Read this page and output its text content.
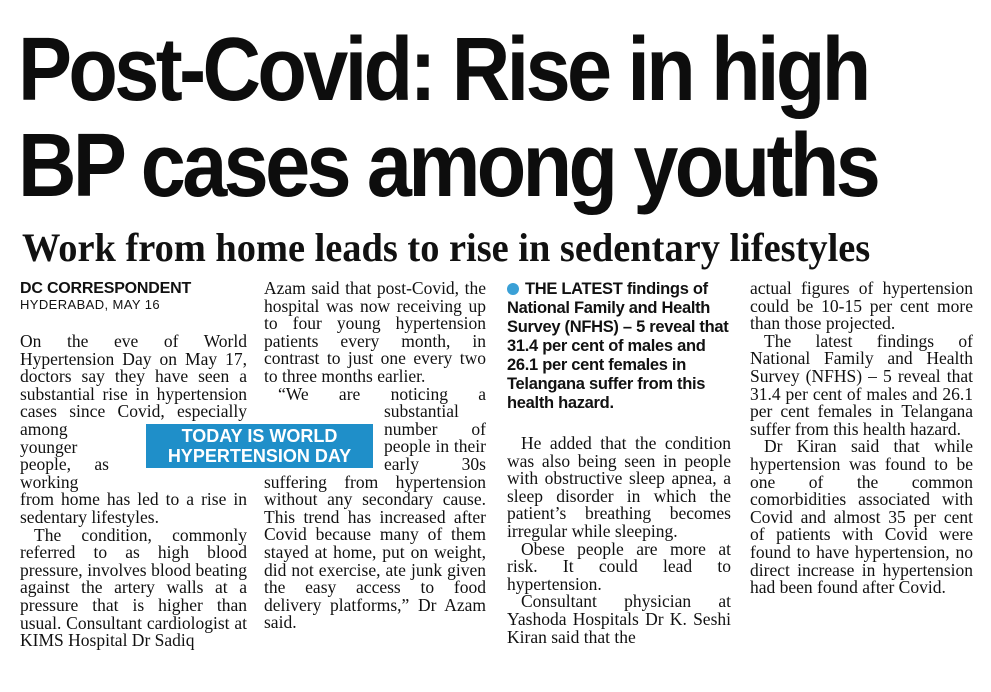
Post-Covid: Rise in high
BP cases among youths
Work from home leads to rise in sedentary lifestyles
DC CORRESPONDENT
HYDERABAD, MAY 16

On the eve of World Hypertension Day on May 17, doctors say they have seen a substantial rise in hypertension cases since Covid, especially among younger people, as working from home has led to a rise in sedentary lifestyles.

The condition, commonly referred to as high blood pressure, involves blood beating against the artery walls at a pressure that is higher than usual. Consultant cardiologist at KIMS Hospital Dr Sadiq

Azam said that post-Covid, the hospital was now receiving up to four young hypertension patients every month, in contrast to just one every two to three months earlier.

“We are noticing a substantial number of people in their early 30s suffering from hypertension without any secondary cause. This trend has increased after Covid because many of them stayed at home, put on weight, did not exercise, ate junk given the easy access to food delivery platforms,” Dr Azam said.

THE LATEST findings of National Family and Health Survey (NFHS) – 5 reveal that 31.4 per cent of males and 26.1 per cent females in Telangana suffer from this health hazard.

He added that the condition was also being seen in people with obstructive sleep apnea, a sleep disorder in which the patient’s breathing becomes irregular while sleeping.

Obese people are more at risk. It could lead to hypertension.

Consultant physician at Yashoda Hospitals Dr K. Seshi Kiran said that the

actual figures of hypertension could be 10-15 per cent more than those projected.

The latest findings of National Family and Health Survey (NFHS) – 5 reveal that 31.4 per cent of males and 26.1 per cent females in Telangana suffer from this health hazard.

Dr Kiran said that while hypertension was found to be one of the common comorbidities associated with Covid and almost 35 per cent of patients with Covid were found to have hypertension, no direct increase in hypertension had been found after Covid.

TODAY IS WORLD
HYPERTENSION DAY
